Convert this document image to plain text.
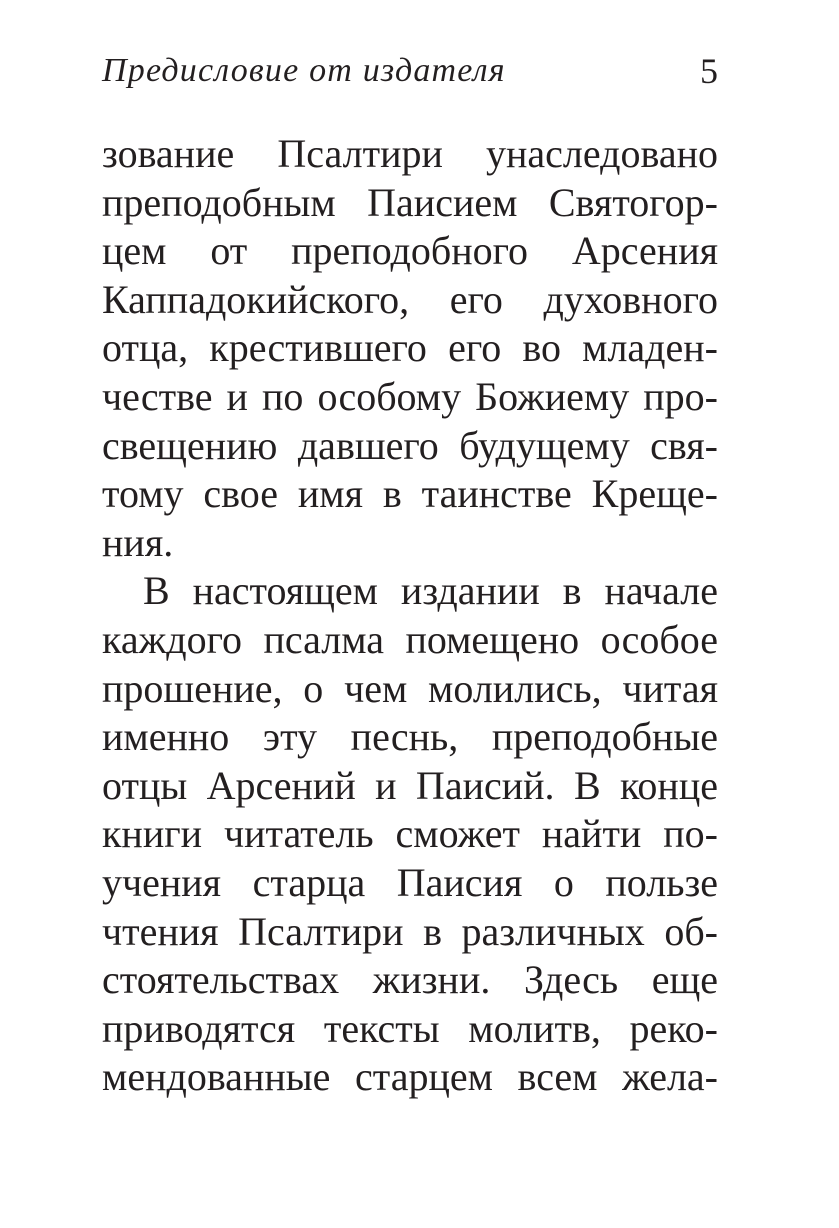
Предисловие от издателя	5
зование Псалтири унаследовано
преподобным Паисием Святогор-
цем от преподобного Арсения
Каппадокийского, его духовного
отца, крестившего его во младен-
честве и по особому Божиему про-
свещению давшего будущему свя-
тому свое имя в таинстве Креще-
ния.
В настоящем издании в начале
каждого псалма помещено особое
прошение, о чем молились, читая
именно эту песнь, преподобные
отцы Арсений и Паисий. В конце
книги читатель сможет найти по-
учения старца Паисия о пользе
чтения Псалтири в различных об-
стоятельствах жизни. Здесь еще
приводятся тексты молитв, реко-
мендованные старцем всем жела-
